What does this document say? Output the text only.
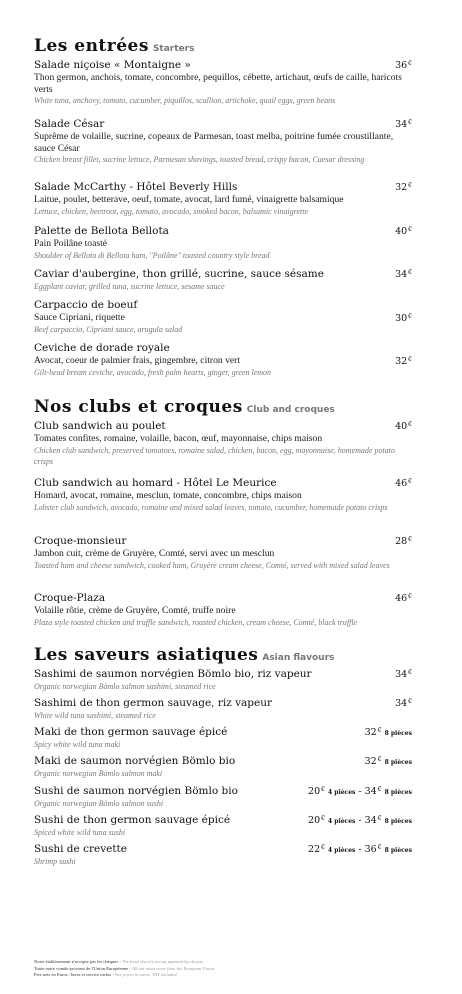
Les entrées Starters
Salade niçoise « Montaigne »
Thon germon, anchois, tomate, concombre, pequillos, cébette, artichaut, œufs de caille, haricots verts
White tuna, anchovy, tomato, cucumber, piquillos, scallion, artichoke, quail eggs, green beans
36€
Salade César
Suprême de volaille, sucrine, copeaux de Parmesan, toast melba, poitrine fumée croustillante, sauce César
Chicken breast fillet, sucrine lettuce, Parmesan shavings, toasted bread, crispy bacon, Caesar dressing
34€
Salade McCarthy - Hôtel Beverly Hills
Laitue, poulet, betterave, oeuf, tomate, avocat, lard fumé, vinaigrette balsamique
Lettuce, chicken, beetroot, egg, tomato, avocado, smoked bacon, balsamic vinaigrette
32€
Palette de Bellota Bellota
Pain Poilâne toasté
Shoulder of Bellota di Bellota ham, "Poilâne" toasted country style bread
40€
Caviar d'aubergine, thon grillé, sucrine, sauce sésame
Eggplant caviar, grilled tuna, sucrine lettuce, sesame sauce
34€
Carpaccio de boeuf
Sauce Cipriani, riquette
Beef carpaccio, Cipriani sauce, arugula salad
30€
Ceviche de dorade royale
Avocat, coeur de palmier frais, gingembre, citron vert
Gilt-head bream ceviche, avocado, fresh palm hearts, ginger, green lemon
32€
Nos clubs et croques Club and croques
Club sandwich au poulet
Tomates confites, romaine, volaille, bacon, œuf, mayonnaise, chips maison
Chicken club sandwich, preserved tomatoes, romaine salad, chicken, bacon, egg, mayonnaise, homemade potato crisps
40€
Club sandwich au homard - Hôtel Le Meurice
Homard, avocat, romaine, mesclun, tomate, concombre, chips maison
Lobster club sandwich, avocado, romaine and mixed salad leaves, tomato, cucumber, homemade potato crisps
46€
Croque-monsieur
Jambon cuit, crème de Gruyère, Comté, servi avec un mesclun
Toasted ham and cheese sandwich, cooked ham, Gruyère cream cheese, Comté, served with mixed salad leaves
28€
Croque-Plaza
Volaille rôtie, crème de Gruyère, Comté, truffe noire
Plaza style toasted chicken and truffle sandwich, roasted chicken, cream cheese, Comté, black truffle
46€
Les saveurs asiatiques Asian flavours
Sashimi de saumon norvégien Bömlo bio, riz vapeur
Organic norwegian Bömlo salmon sashimi, steamed rice
34€
Sashimi de thon germon sauvage, riz vapeur
White wild tuna sashimi, steamed rice
34€
Maki de thon germon sauvage épicé
Spicy white wild tuna maki
32€ 8 pièces
Maki de saumon norvégien Bömlo bio
Organic norwegian Bömlo salmon maki
32€ 8 pièces
Sushi de saumon norvégien Bömlo bio
Organic norwegian Bömlo salmon sushi
20€ 4 pièces - 34€ 8 pièces
Sushi de thon germon sauvage épicé
Spiced white wild tuna sushi
20€ 4 pièces - 34€ 8 pièces
Sushi de crevette
Shrimp sushi
22€ 4 pièces - 36€ 8 pièces
Notre établissement n'accepte pas les chèques - The hotel doesn't accept payment by cheque.
Toute notre viande provient de l'Union Européenne - All our meat come from the European Union.
Prix nets en Euros. Taxes et service inclus - Net prices in euros. VAT included.
